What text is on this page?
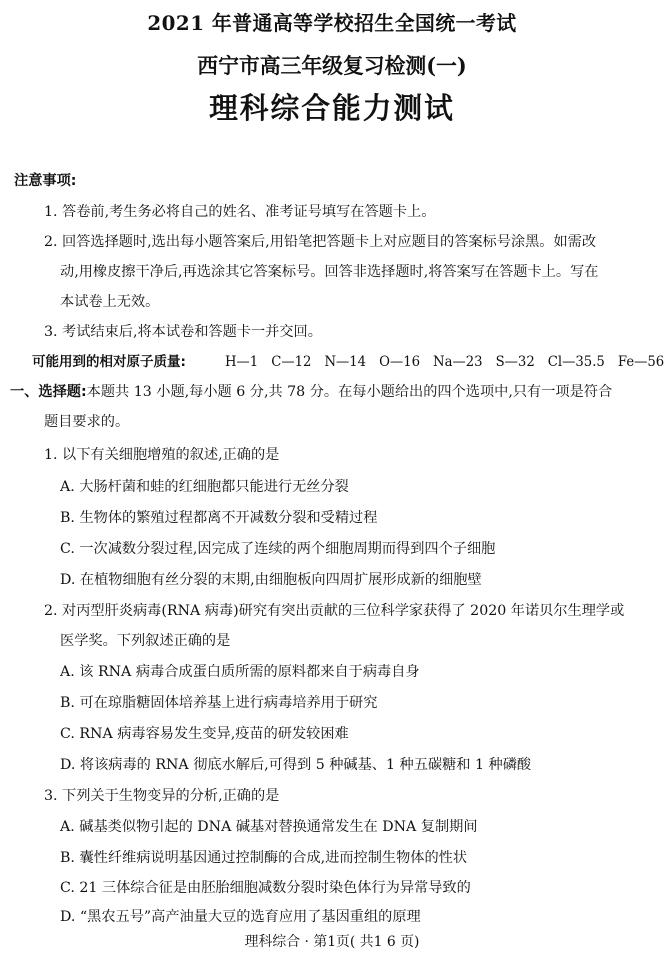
2021 年普通高等学校招生全国统一考试
西宁市高三年级复习检测(一)
理科综合能力测试
注意事项:
1. 答卷前,考生务必将自己的姓名、准考证号填写在答题卡上。
2. 回答选择题时,选出每小题答案后,用铅笔把答题卡上对应题目的答案标号涂黑。如需改
动,用橡皮擦干净后,再选涂其它答案标号。回答非选择题时,将答案写在答题卡上。写在
本试卷上无效。
3. 考试结束后,将本试卷和答题卡一并交回。
可能用到的相对原子质量:	H—1 C—12 N—14 O—16 Na—23 S—32 Cl—35.5 Fe—56
一、选择题:本题共 13 小题,每小题 6 分,共 78 分。在每小题给出的四个选项中,只有一项是符合
题目要求的。
1. 以下有关细胞增殖的叙述,正确的是
A. 大肠杆菌和蛙的红细胞都只能进行无丝分裂
B. 生物体的繁殖过程都离不开减数分裂和受精过程
C. 一次减数分裂过程,因完成了连续的两个细胞周期而得到四个子细胞
D. 在植物细胞有丝分裂的末期,由细胞板向四周扩展形成新的细胞壁
2. 对丙型肝炎病毒(RNA 病毒)研究有突出贡献的三位科学家获得了 2020 年诺贝尔生理学或
医学奖。下列叙述正确的是
A. 该 RNA 病毒合成蛋白质所需的原料都来自于病毒自身
B. 可在琼脂糖固体培养基上进行病毒培养用于研究
C. RNA 病毒容易发生变异,疫苗的研发较困难
D. 将该病毒的 RNA 彻底水解后,可得到 5 种碱基、1 种五碳糖和 1 种磷酸
3. 下列关于生物变异的分析,正确的是
A. 碱基类似物引起的 DNA 碱基对替换通常发生在 DNA 复制期间
B. 囊性纤维病说明基因通过控制酶的合成,进而控制生物体的性状
C. 21 三体综合征是由胚胎细胞减数分裂时染色体行为异常导致的
D. “黑农五号”高产油量大豆的选育应用了基因重组的原理
理科综合 · 第1页( 共1 6 页)
